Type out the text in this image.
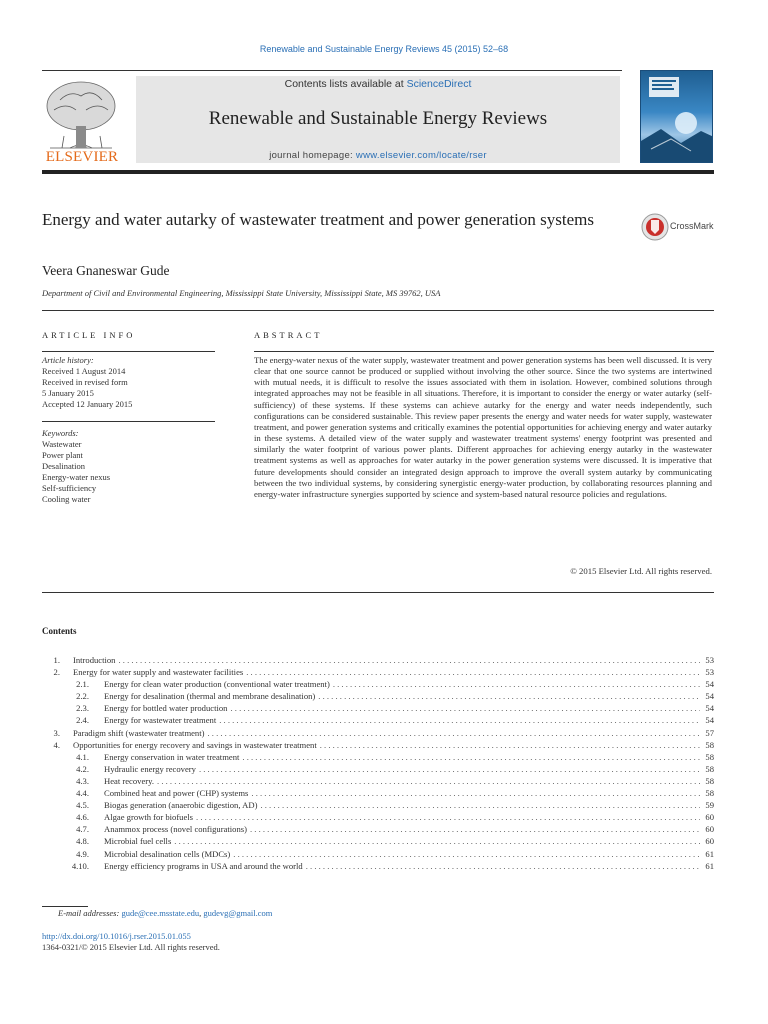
Renewable and Sustainable Energy Reviews 45 (2015) 52–68
ELSEVIER
Contents lists available at ScienceDirect
Renewable and Sustainable Energy Reviews
journal homepage: www.elsevier.com/locate/rser
Energy and water autarky of wastewater treatment and power generation systems	CrossMark
Veera Gnaneswar Gude
Department of Civil and Environmental Engineering, Mississippi State University, Mississippi State, MS 39762, USA
ARTICLE INFO
Article history:
Received 1 August 2014
Received in revised form
5 January 2015
Accepted 12 January 2015
Keywords:
Wastewater
Power plant
Desalination
Energy-water nexus
Self-sufficiency
Cooling water
ABSTRACT
The energy-water nexus of the water supply, wastewater treatment and power generation systems has been well discussed. It is very clear that one source cannot be produced or supplied without involving the other source. Since the two systems are intertwined with mutual needs, it is difficult to resolve the issues associated with them in isolation. However, combined solutions through integrated approaches may not be feasible in all situations. Therefore, it is important to consider the energy or water autarky (self-sufficiency) of these systems. If these systems can achieve autarky for the energy and water needs independently, such configurations can be considered sustainable. This review paper presents the energy and water needs for water supply, wastewater treatment, and power generation systems and critically examines the potential opportunities for achieving energy and water autarky in these systems. A detailed view of the water supply and wastewater treatment systems' energy footprint was presented and similarly the water footprint of various power plants. Different approaches for achieving energy autarky in the wastewater treatment systems as well as approaches for water autarky in the power generation systems were discussed. It is imperative that future developments should consider an integrated design approach to improve the overall system autarky by communicating between the two individual systems, by considering synergistic energy-water production, by collaborating resources planning and energy-water infrastructure synergies supported by science and system-based natural resource policies and regulations.
© 2015 Elsevier Ltd. All rights reserved.
Contents
1.	Introduction . . .	53
2.	Energy for water supply and wastewater facilities . . .	53
2.1.	Energy for clean water production (conventional water treatment) . . .	54
2.2.	Energy for desalination (thermal and membrane desalination) . . .	54
2.3.	Energy for bottled water production . . .	54
2.4.	Energy for wastewater treatment . . .	54
3.	Paradigm shift (wastewater treatment) . . .	57
4.	Opportunities for energy recovery and savings in wastewater treatment . . .	58
4.1.	Energy conservation in water treatment . . .	58
4.2.	Hydraulic energy recovery . . .	58
4.3.	Heat recovery. . . .	58
4.4.	Combined heat and power (CHP) systems . . .	58
4.5.	Biogas generation (anaerobic digestion, AD) . . .	59
4.6.	Algae growth for biofuels . . .	60
4.7.	Anammox process (novel configurations) . . .	60
4.8.	Microbial fuel cells . . .	60
4.9.	Microbial desalination cells (MDCs) . . .	61
4.10.	Energy efficiency programs in USA and around the world . . .	61
E-mail addresses: gude@cee.msstate.edu, gudevg@gmail.com
http://dx.doi.org/10.1016/j.rser.2015.01.055
1364-0321/© 2015 Elsevier Ltd. All rights reserved.
